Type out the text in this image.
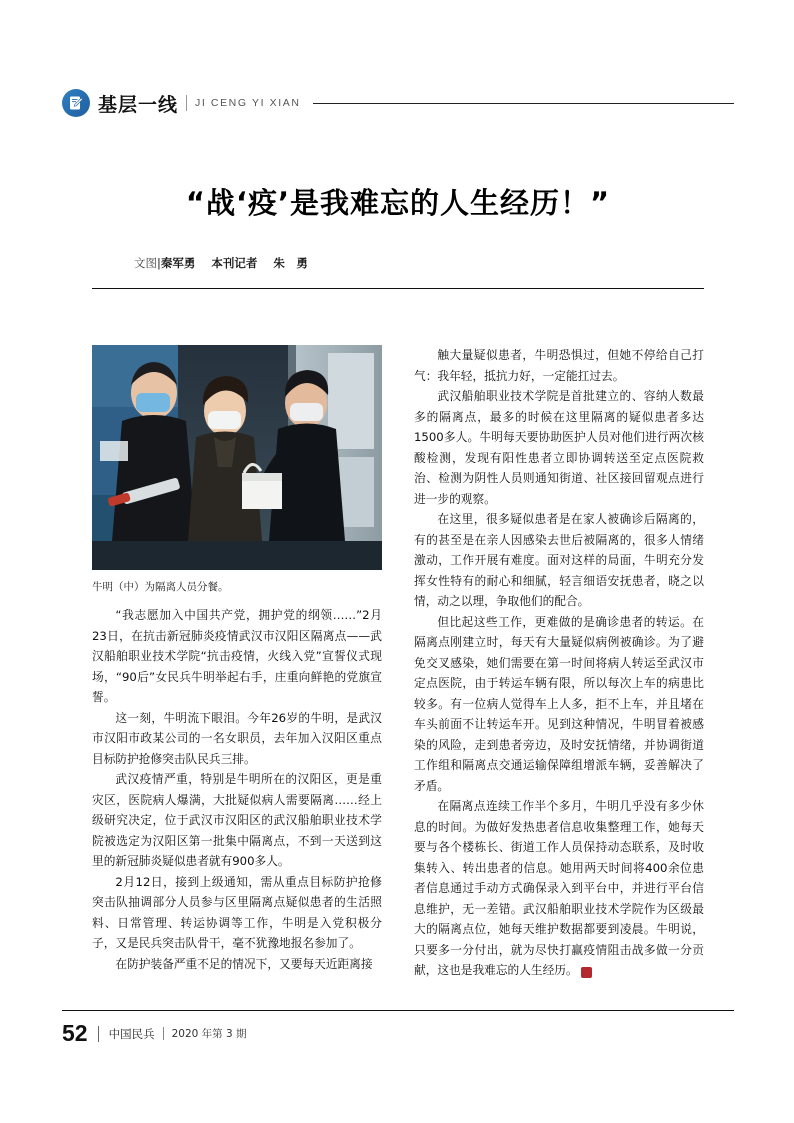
基层一线 JI CENG YI XIAN
“战‘疫’是我难忘的人生经历！”
文图|秦军勇 本刊记者 朱　勇
牛明（中）为隔离人员分餐。

“我志愿加入中国共产党，拥护党的纲领……”2月23日，在抗击新冠肺炎疫情武汉市汉阳区隔离点——武汉船舶职业技术学院“抗击疫情，火线入党”宣誓仪式现场，“90后”女民兵牛明举起右手，庄重向鲜艳的党旗宣誓。

这一刻，牛明流下眼泪。今年26岁的牛明，是武汉市汉阳市政某公司的一名女职员，去年加入汉阳区重点目标防护抢修突击队民兵三排。

武汉疫情严重，特别是牛明所在的汉阳区，更是重灾区，医院病人爆满，大批疑似病人需要隔离……经上级研究决定，位于武汉市汉阳区的武汉船舶职业技术学院被选定为汉阳区第一批集中隔离点，不到一天送到这里的新冠肺炎疑似患者就有900多人。

2月12日，接到上级通知，需从重点目标防护抢修突击队抽调部分人员参与区里隔离点疑似患者的生活照料、日常管理、转运协调等工作，牛明是入党积极分子，又是民兵突击队骨干，毫不犹豫地报名参加了。

在防护装备严重不足的情况下，又要每天近距离接

触大量疑似患者，牛明恐惧过，但她不停给自己打气：我年轻，抵抗力好，一定能扛过去。

武汉船舶职业技术学院是首批建立的、容纳人数最多的隔离点，最多的时候在这里隔离的疑似患者多达1500多人。牛明每天要协助医护人员对他们进行两次核酸检测，发现有阳性患者立即协调转送至定点医院救治、检测为阴性人员则通知街道、社区接回留观点进行进一步的观察。

在这里，很多疑似患者是在家人被确诊后隔离的，有的甚至是在亲人因感染去世后被隔离的，很多人情绪激动，工作开展有难度。面对这样的局面，牛明充分发挥女性特有的耐心和细腻，轻言细语安抚患者，晓之以情，动之以理，争取他们的配合。

但比起这些工作，更难做的是确诊患者的转运。在隔离点刚建立时，每天有大量疑似病例被确诊。为了避免交叉感染，她们需要在第一时间将病人转运至武汉市定点医院，由于转运车辆有限，所以每次上车的病患比较多。有一位病人觉得车上人多，拒不上车，并且堵在车头前面不让转运车开。见到这种情况，牛明冒着被感染的风险，走到患者旁边，及时安抚情绪，并协调街道工作组和隔离点交通运输保障组增派车辆，妥善解决了矛盾。

在隔离点连续工作半个多月，牛明几乎没有多少休息的时间。为做好发热患者信息收集整理工作，她每天要与各个楼栋长、街道工作人员保持动态联系，及时收集转入、转出患者的信息。她用两天时间将400余位患者信息通过手动方式确保录入到平台中，并进行平台信息维护，无一差错。武汉船舶职业技术学院作为区级最大的隔离点位，她每天维护数据都要到凌晨。牛明说，只要多一分付出，就为尽快打赢疫情阻击战多做一分贡献，这也是我难忘的人生经历。	✦

52 中国民兵 2020 年第 3 期
